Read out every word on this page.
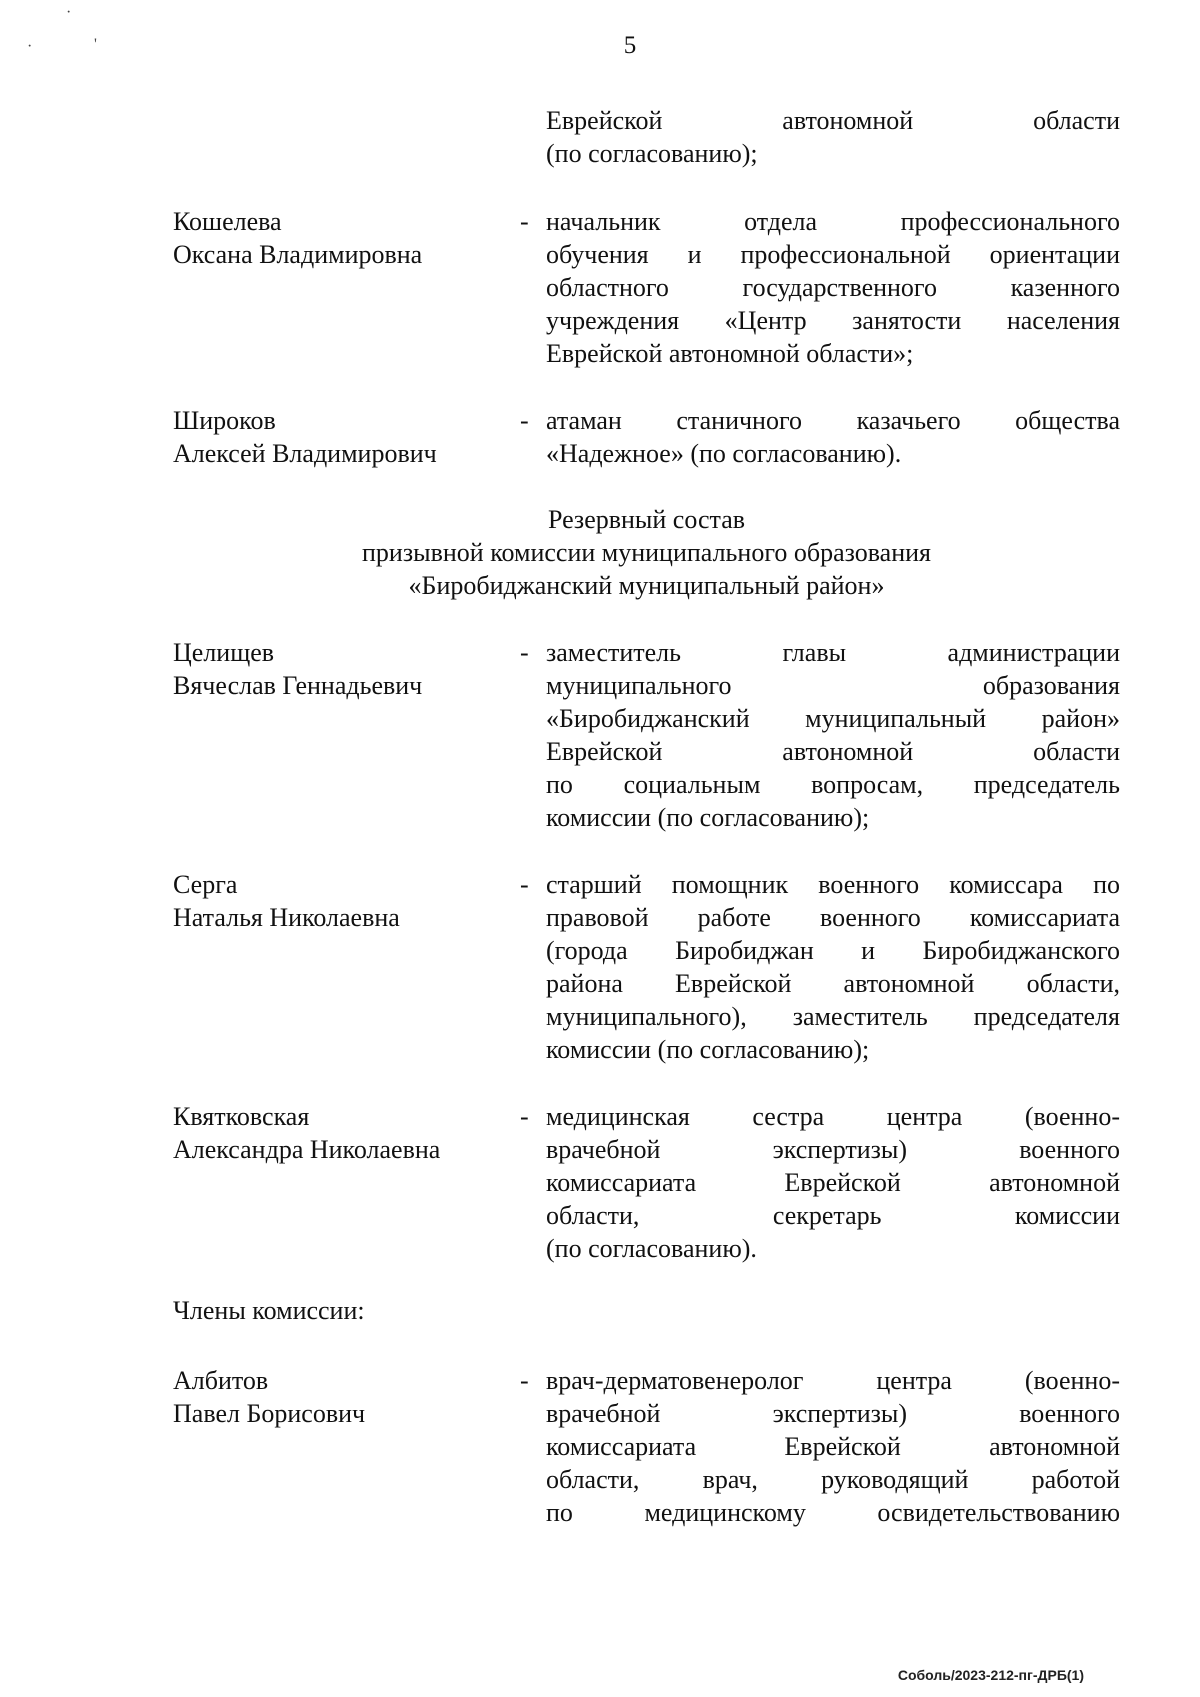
·
·	'	5
Еврейской автономной области
(по согласованию);
Кошелева
Оксана Владимировна
- начальник отдела профессионального
обучения и профессиональной ориентации
областного государственного казенного
учреждения «Центр занятости населения
Еврейской автономной области»;
Широков
Алексей Владимирович
- атаман станичного казачьего общества
«Надежное» (по согласованию).
Резервный состав
призывной комиссии муниципального образования
«Биробиджанский муниципальный район»
Целищев
Вячеслав Геннадьевич
- заместитель главы администрации
муниципального образования
«Биробиджанский муниципальный район»
Еврейской автономной области
по социальным вопросам, председатель
комиссии (по согласованию);
Серга
Наталья Николаевна
- старший помощник военного комиссара по
правовой работе военного комиссариата
(города Биробиджан и Биробиджанского
района Еврейской автономной области,
муниципального), заместитель председателя
комиссии (по согласованию);
Квятковская
Александра Николаевна
- медицинская сестра центра (военно-
врачебной экспертизы) военного
комиссариата Еврейской автономной
области, секретарь комиссии
(по согласованию).
Члены комиссии:
Албитов
Павел Борисович
- врач-дерматовенеролог центра (военно-
врачебной экспертизы) военного
комиссариата Еврейской автономной
области, врач, руководящий работой
по медицинскому освидетельствованию
Соболь/2023-212-пг-ДРБ(1)
